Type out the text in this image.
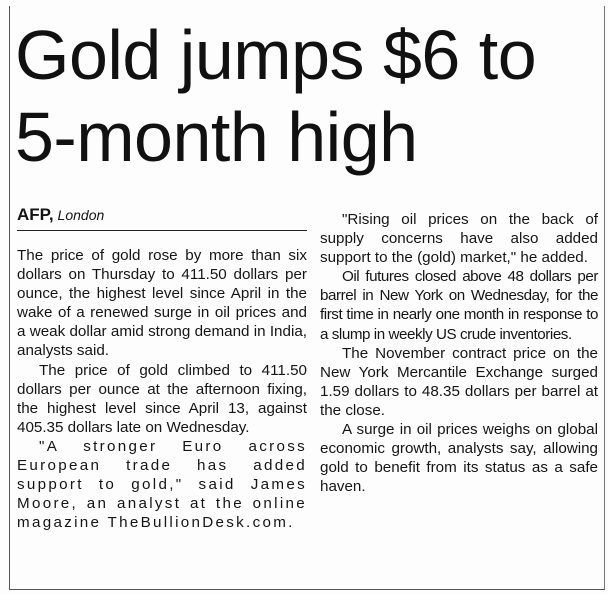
Gold jumps $6 to
5-month high
AFP, London

The price of gold rose by more than six dollars on Thursday to 411.50 dollars per ounce, the highest level since April in the wake of a renewed surge in oil prices and a weak dollar amid strong demand in India, analysts said.

The price of gold climbed to 411.50 dollars per ounce at the afternoon fixing, the highest level since April 13, against 405.35 dollars late on Wednesday.

"A stronger Euro across European trade has added support to gold," said James Moore, an analyst at the online magazine TheBullionDesk.com.

"Rising oil prices on the back of supply concerns have also added support to the (gold) market," he added.

Oil futures closed above 48 dollars per barrel in New York on Wednesday, for the first time in nearly one month in response to a slump in weekly US crude inventories.

The November contract price on the New York Mercantile Exchange surged 1.59 dollars to 48.35 dollars per barrel at the close.

A surge in oil prices weighs on global economic growth, analysts say, allowing gold to benefit from its status as a safe haven.
